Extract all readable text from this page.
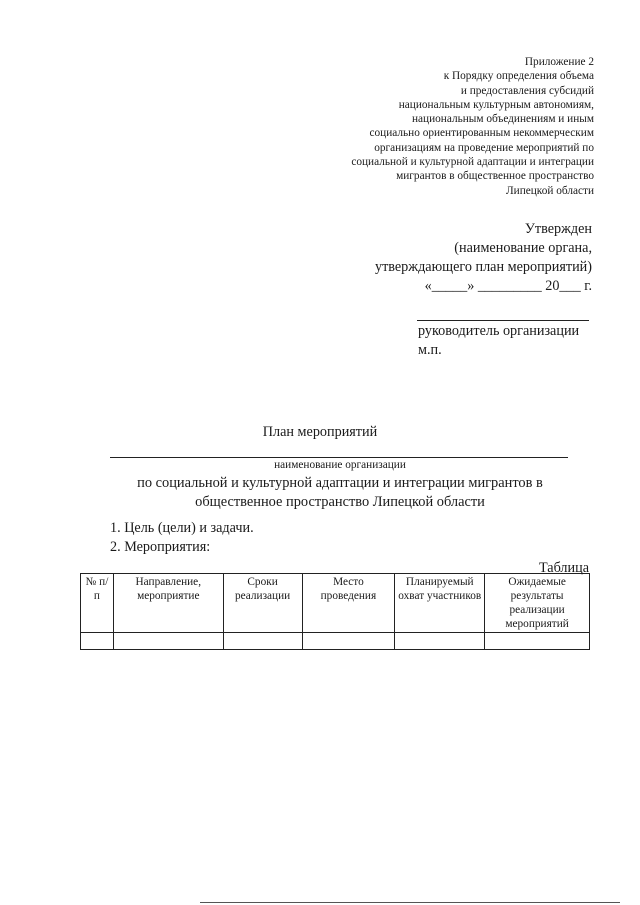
Приложение 2
к Порядку определения объема
и предоставления субсидий
национальным культурным автономиям,
национальным объединениям и иным
социально ориентированным некоммерческим
организациям на проведение мероприятий по
социальной и культурной адаптации и интеграции
мигрантов в общественное пространство
Липецкой области
Утвержден
(наименование органа,
утверждающего план мероприятий)
«_____» _________ 20___ г.
руководитель организации
м.п.
План мероприятий
наименование организации
по социальной и культурной адаптации и интеграции мигрантов в
общественное пространство Липецкой области
1. Цель (цели) и задачи.
2. Мероприятия:
Таблица
№ п/п	Направление, мероприятие	Сроки реализации	Место проведения	Планируемый охват участников	Ожидаемые результаты реализации мероприятий
